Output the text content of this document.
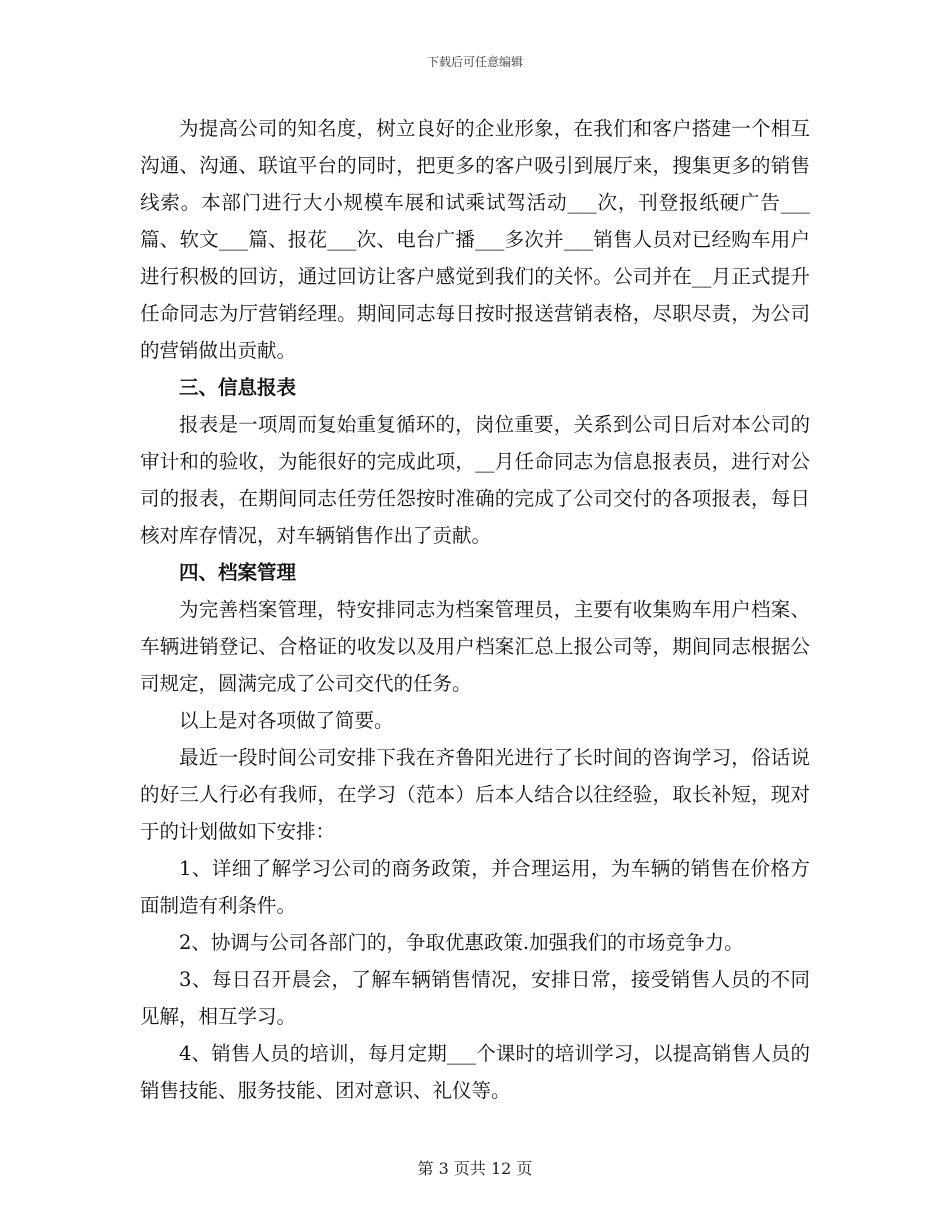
下载后可任意编辑

为提高公司的知名度，树立良好的企业形象，在我们和客户搭建一个相互沟通、沟通、联谊平台的同时，把更多的客户吸引到展厅来，搜集更多的销售线索。本部门进行大小规模车展和试乘试驾活动___次，刊登报纸硬广告___篇、软文___篇、报花___次、电台广播___多次并___销售人员对已经购车用户进行积极的回访，通过回访让客户感觉到我们的关怀。公司并在__月正式提升任命同志为厅营销经理。期间同志每日按时报送营销表格，尽职尽责，为公司的营销做出贡献。

三、信息报表

报表是一项周而复始重复循环的，岗位重要，关系到公司日后对本公司的审计和的验收，为能很好的完成此项，__月任命同志为信息报表员，进行对公司的报表，在期间同志任劳任怨按时准确的完成了公司交付的各项报表，每日核对库存情况，对车辆销售作出了贡献。

四、档案管理

为完善档案管理，特安排同志为档案管理员，主要有收集购车用户档案、车辆进销登记、合格证的收发以及用户档案汇总上报公司等，期间同志根据公司规定，圆满完成了公司交代的任务。

以上是对各项做了简要。

最近一段时间公司安排下我在齐鲁阳光进行了长时间的咨询学习，俗话说的好三人行必有我师，在学习（范本）后本人结合以往经验，取长补短，现对于的计划做如下安排：

1、详细了解学习公司的商务政策，并合理运用，为车辆的销售在价格方面制造有利条件。

2、协调与公司各部门的，争取优惠政策.加强我们的市场竞争力。

3、每日召开晨会，了解车辆销售情况，安排日常，接受销售人员的不同见解，相互学习。

4、销售人员的培训，每月定期___个课时的培训学习，以提高销售人员的销售技能、服务技能、团对意识、礼仪等。

第 3 页共 12 页
